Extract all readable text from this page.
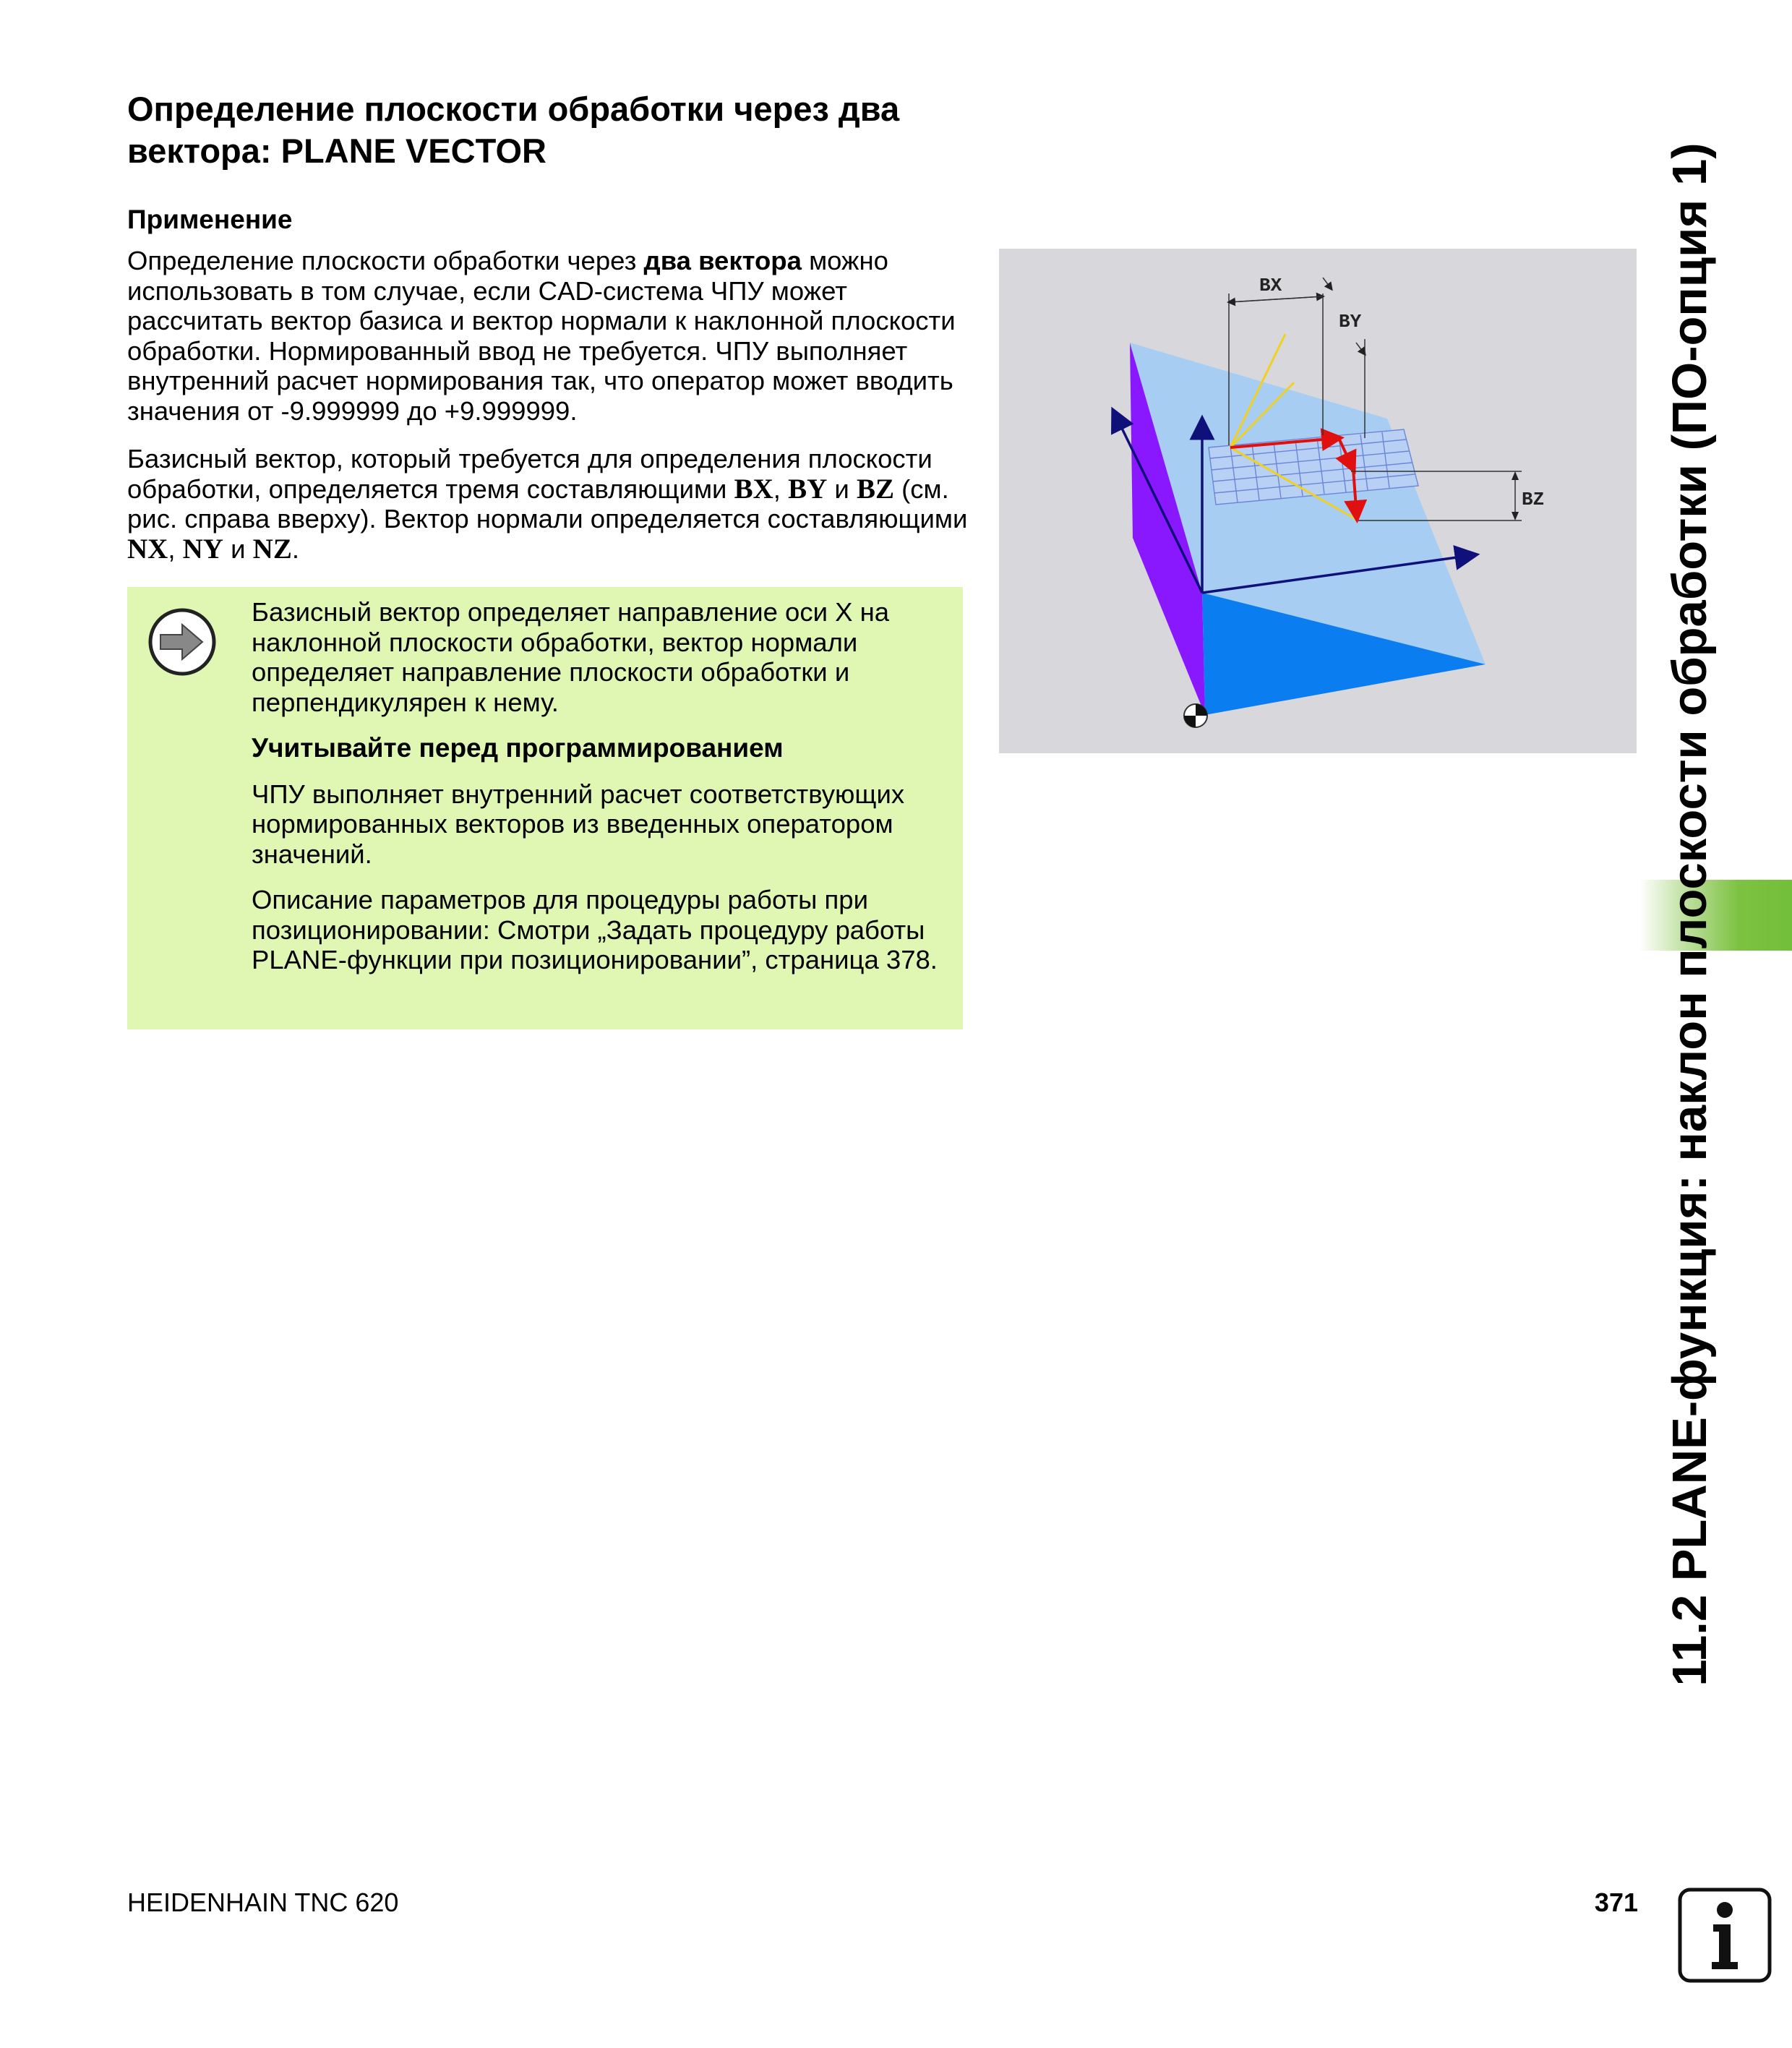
Определение плоскости обработки через два вектора: PLANE VECTOR
Применение

Определение плоскости обработки через два вектора можно использовать в том случае, если CAD-система ЧПУ может рассчитать вектор базиса и вектор нормали к наклонной плоскости обработки. Нормированный ввод не требуется. ЧПУ выполняет внутренний расчет нормирования так, что оператор может вводить значения от -9.999999 до +9.999999.

Базисный вектор, который требуется для определения плоскости обработки, определяется тремя составляющими BX, BY и BZ (см. рис. справа вверху). Вектор нормали определяется составляющими NX, NY и NZ.

Базисный вектор определяет направление оси X на наклонной плоскости обработки, вектор нормали определяет направление плоскости обработки и перпендикулярен к нему.

Учитывайте перед программированием

ЧПУ выполняет внутренний расчет соответствующих нормированных векторов из введенных оператором значений.

Описание параметров для процедуры работы при позиционировании: Смотри „Задать процедуру работы PLANE-функции при позиционировании”, страница 378.

BX
BY
BZ 11.2 PLANE-функция: наклон плоскости обработки (ПО-опция 1)
HEIDENHAIN TNC 620	371
